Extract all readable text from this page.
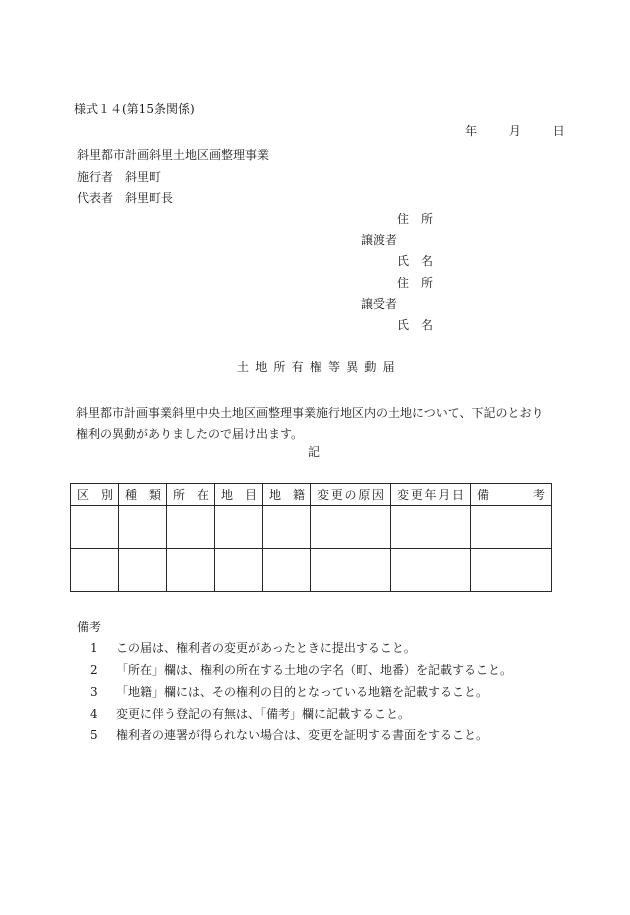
様式１４(第15条関係)
年	月	日
斜里都市計画斜里土地区画整理事業
施行者　斜里町
代表者　斜里町長
住　所
譲渡者
氏　名
住　所
譲受者
氏　名
土地所有権等異動届
斜里都市計画事業斜里中央土地区画整理事業施行地区内の土地について、下記のとおり権利の異動がありましたので届け出ます。
記
区　別	種　類	所　在	地　目	地　籍	変更の原因	変更年月日	備　　考

備考
1 この届は、権利者の変更があったときに提出すること。
2 「所在」欄は、権利の所在する土地の字名（町、地番）を記載すること。
3 「地籍」欄には、その権利の目的となっている地籍を記載すること。
4 変更に伴う登記の有無は、「備考」欄に記載すること。
5 権利者の連署が得られない場合は、変更を証明する書面をすること。
